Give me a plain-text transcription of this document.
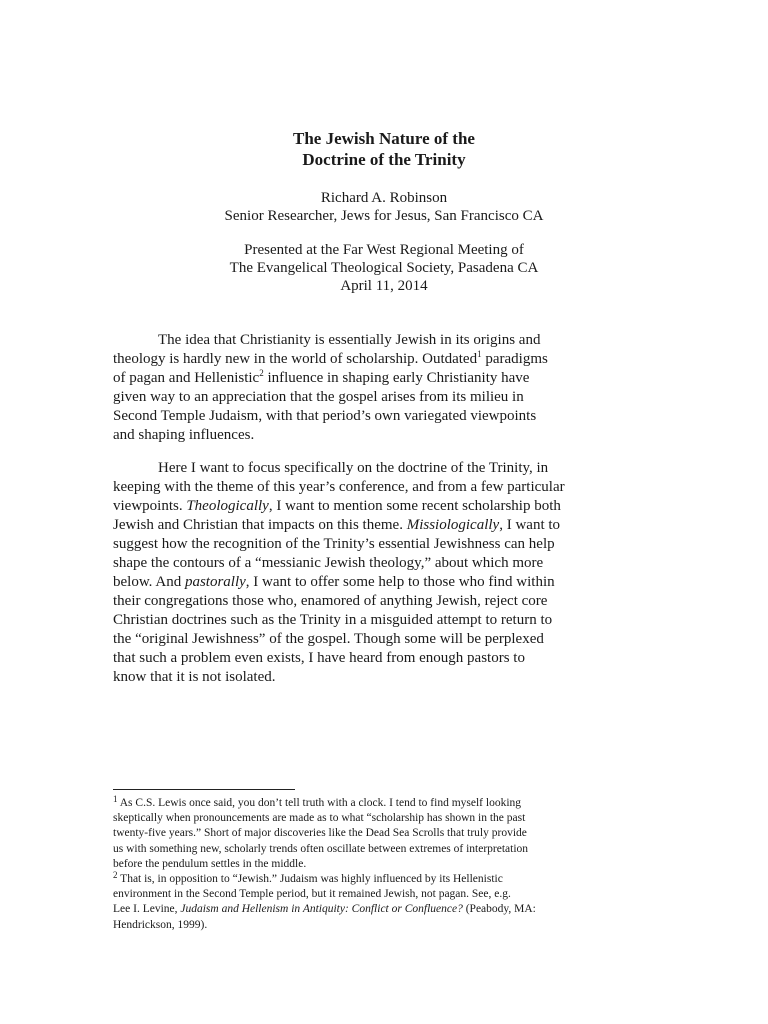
The Jewish Nature of the
Doctrine of the Trinity
Richard A. Robinson
Senior Researcher, Jews for Jesus, San Francisco CA
Presented at the Far West Regional Meeting of
The Evangelical Theological Society, Pasadena CA
April 11, 2014

The idea that Christianity is essentially Jewish in its origins and

theology is hardly new in the world of scholarship. Outdated$^1$ paradigms

of pagan and Hellenistic$^2$ influence in shaping early Christianity have

given way to an appreciation that the gospel arises from its milieu in

Second Temple Judaism, with that period’s own variegated viewpoints

and shaping influences.

Here I want to focus specifically on the doctrine of the Trinity, in

keeping with the theme of this year’s conference, and from a few particular

viewpoints. Theologically, I want to mention some recent scholarship both

Jewish and Christian that impacts on this theme. Missiologically, I want to

suggest how the recognition of the Trinity’s essential Jewishness can help

shape the contours of a “messianic Jewish theology,” about which more

below. And pastorally, I want to offer some help to those who find within

their congregations those who, enamored of anything Jewish, reject core

Christian doctrines such as the Trinity in a misguided attempt to return to

the “original Jewishness” of the gospel. Though some will be perplexed

that such a problem even exists, I have heard from enough pastors to

know that it is not isolated.

$^1$ As C.S. Lewis once said, you don’t tell truth with a clock. I tend to find myself looking

skeptically when pronouncements are made as to what “scholarship has shown in the past

twenty-five years.” Short of major discoveries like the Dead Sea Scrolls that truly provide

us with something new, scholarly trends often oscillate between extremes of interpretation

before the pendulum settles in the middle.

$^2$ That is, in opposition to “Jewish.” Judaism was highly influenced by its Hellenistic

environment in the Second Temple period, but it remained Jewish, not pagan. See, e.g.

Lee I. Levine, Judaism and Hellenism in Antiquity: Conflict or Confluence? (Peabody, MA:

Hendrickson, 1999).
